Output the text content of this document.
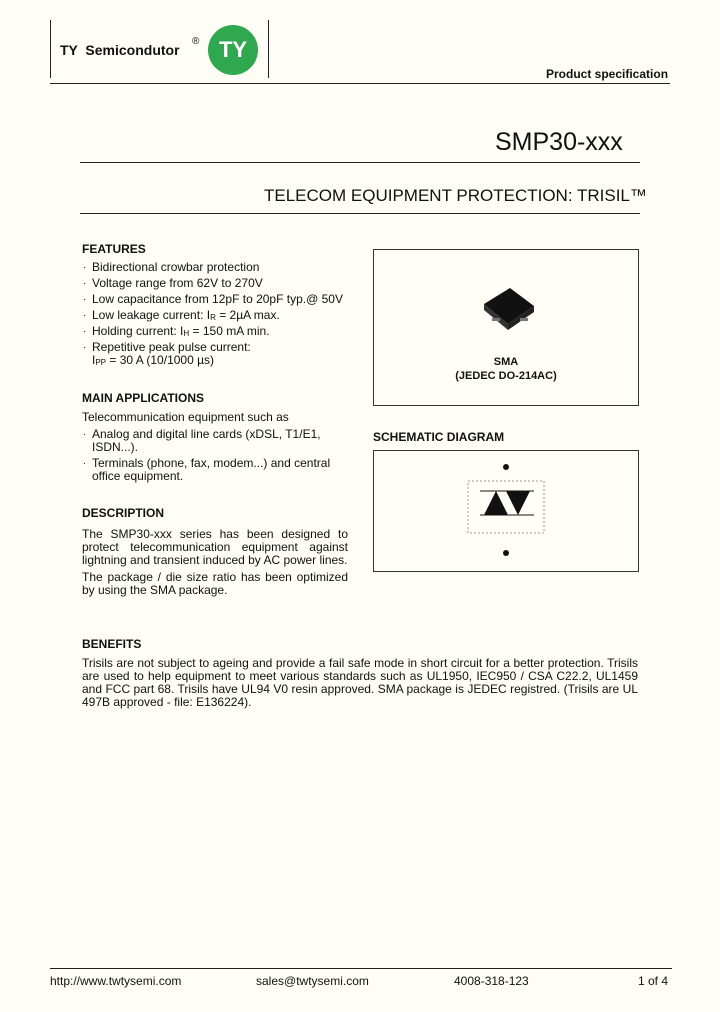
TY  Semicondutor
® TY
Product specification
SMP30-xxx
TELECOM EQUIPMENT PROTECTION: TRISIL™
FEATURES
. Bidirectional crowbar protection
. Voltage range from 62V to 270V
. Low capacitance from 12pF to 20pF typ.@ 50V
. Low leakage current: $I_R = 2\mu A$ max.
. Holding current: $I_H = 150$ mA min.
. Repetitive peak pulse current:
$I_{PP} = 30$ A (10/1000 µs)	SMA
(JEDEC DO-214AC)
MAIN APPLICATIONS
Telecommunication equipment such as
. Analog and digital line cards (xDSL, T1/E1,
ISDN...).
. Terminals (phone, fax, modem...) and central
office equipment.
SCHEMATIC DIAGRAM
DESCRIPTION
The SMP30-xxx series has been designed to protect telecommunication equipment against lightning and transient induced by AC power lines.
The package / die size ratio has been optimized by using the SMA package.
BENEFITS
Trisils are not subject to ageing and provide a fail safe mode in short circuit for a better protection. Trisils are used to help equipment to meet various standards such as UL1950, IEC950 / CSA C22.2, UL1459 and FCC part 68. Trisils have UL94 V0 resin approved. SMA package is JEDEC registred. (Trisils are UL 497B approved - file: E136224).
http://www.twtysemi.com	sales@twtysemi.com	4008-318-123	1 of 4
